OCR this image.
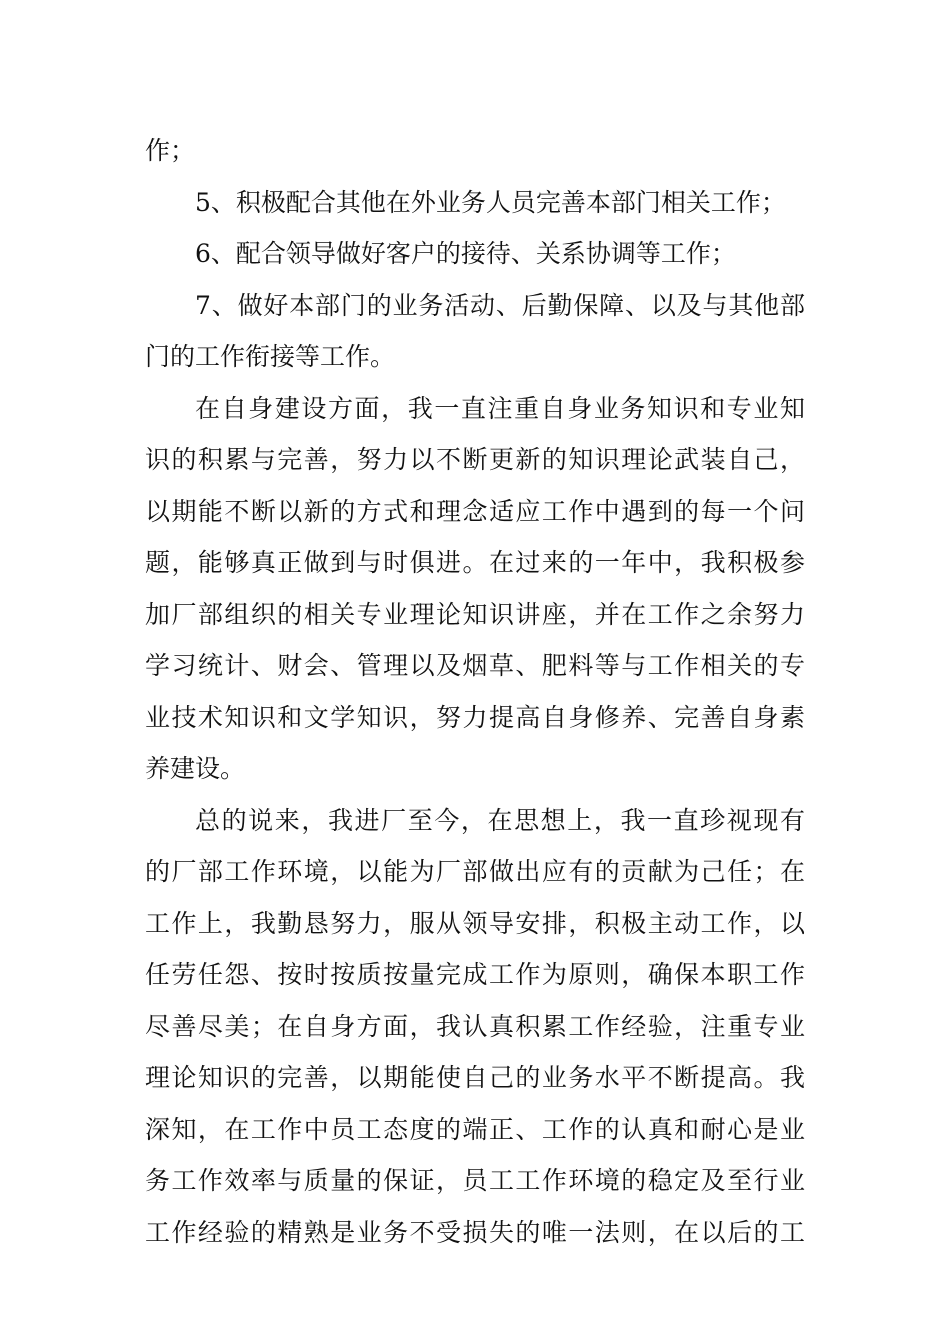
作；
5、积极配合其他在外业务人员完善本部门相关工作；
6、配合领导做好客户的接待、关系协调等工作；
7、做好本部门的业务活动、后勤保障、以及与其他部
门的工作衔接等工作。
在自身建设方面，我一直注重自身业务知识和专业知
识的积累与完善，努力以不断更新的知识理论武装自己，
以期能不断以新的方式和理念适应工作中遇到的每一个问
题，能够真正做到与时俱进。在过来的一年中，我积极参
加厂部组织的相关专业理论知识讲座，并在工作之余努力
学习统计、财会、管理以及烟草、肥料等与工作相关的专
业技术知识和文学知识，努力提高自身修养、完善自身素
养建设。
总的说来，我进厂至今，在思想上，我一直珍视现有
的厂部工作环境，以能为厂部做出应有的贡献为己任；在
工作上，我勤恳努力，服从领导安排，积极主动工作，以
任劳任怨、按时按质按量完成工作为原则，确保本职工作
尽善尽美；在自身方面，我认真积累工作经验，注重专业
理论知识的完善，以期能使自己的业务水平不断提高。我
深知，在工作中员工态度的端正、工作的认真和耐心是业
务工作效率与质量的保证，员工工作环境的稳定及至行业
工作经验的精熟是业务不受损失的唯一法则，在以后的工
